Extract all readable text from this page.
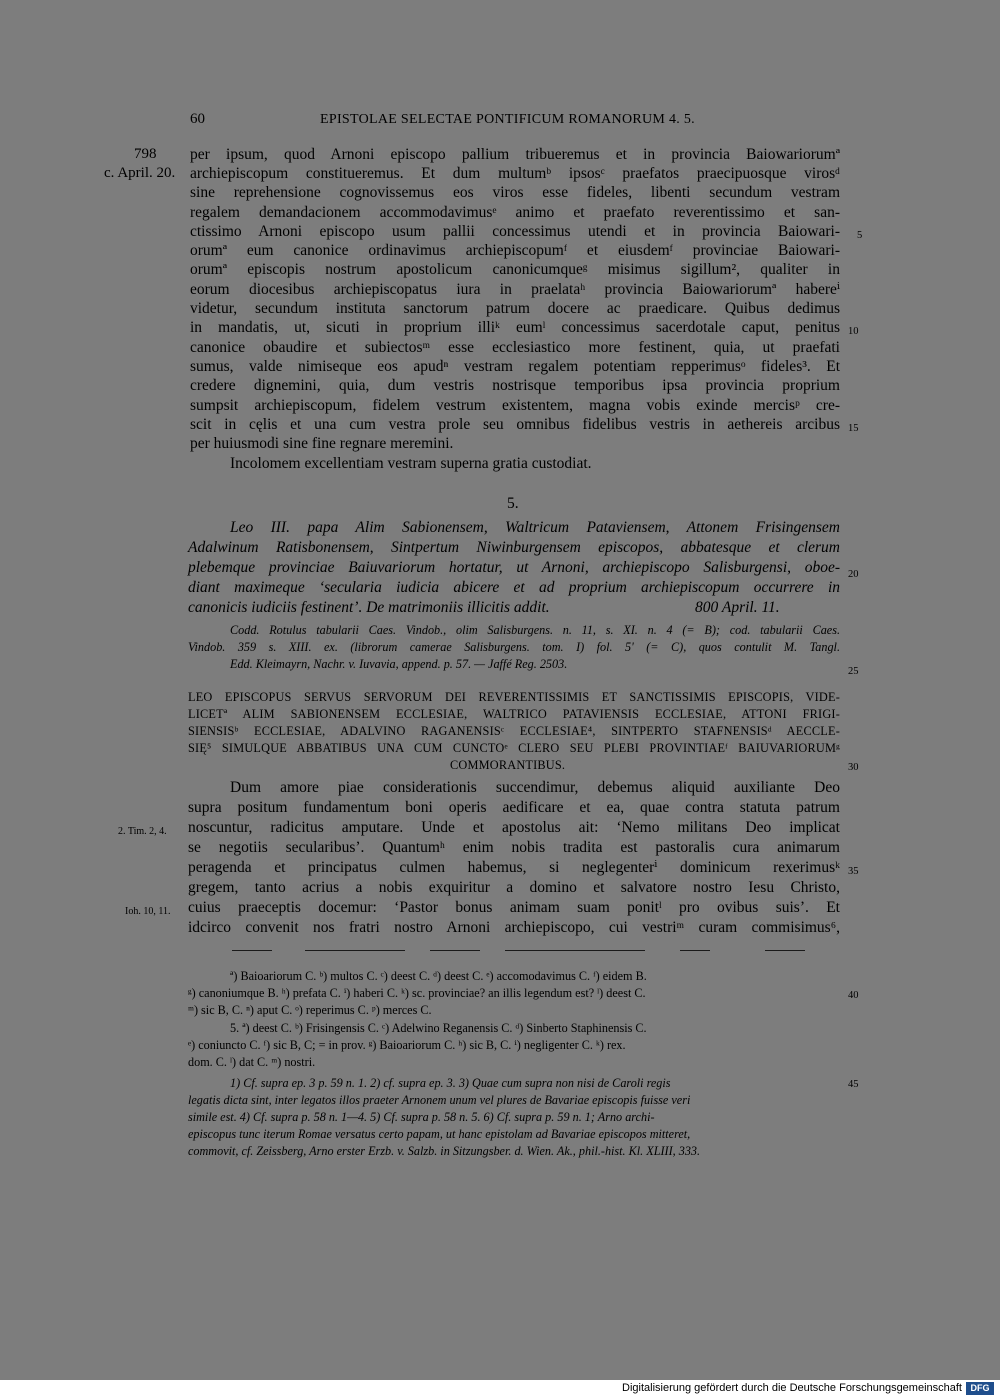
60	EPISTOLAE SELECTAE PONTIFICUM ROMANORUM 4. 5.
798
c. April. 20.
per ipsum, quod Arnoni episcopo pallium tribueremus et in provincia Baiowariorumª
archiepiscopum constitueremus. Et dum multumᵇ ipsosᶜ praefatos praecipuosque virosᵈ
sine reprehensione cognovissemus eos viros esse fideles, libenti secundum vestram
regalem demandacionem accommodavimusᵉ animo et praefato reverentissimo et san-
ctissimo Arnoni episcopo usum pallii concessimus utendi et in provincia Baiowari-
orumª eum canonice ordinavimus archiepiscopumᶠ et eiusdemᶠ provinciae Baiowari-
orumª episcopis nostrum apostolicum canonicumqueᵍ misimus sigillum², qualiter in
eorum diocesibus archiepiscopatus iura in praelataʰ provincia Baiowariorumª habereⁱ
videtur, secundum instituta sanctorum patrum docere ac praedicare. Quibus dedimus
in mandatis, ut, sicuti in proprium illiᵏ eumˡ concessimus sacerdotale caput, penitus
canonice obaudire et subiectosᵐ esse ecclesiastico more festinent, quia, ut praefati
sumus, valde nimiseque eos apudⁿ vestram regalem potentiam repperimusᵒ fideles³. Et
credere dignemini, quia, dum vestris nostrisque temporibus ipsa provincia proprium
sumpsit archiepiscopum, fidelem vestrum existentem, magna vobis exinde mercisᵖ cre-
scit in cęlis et una cum vestra prole seu omnibus fidelibus vestris in aethereis arcibus
per huiusmodi sine fine regnare meremini.
Incolomem excellentiam vestram superna gratia custodiat.
5
10
15
20
25
30
35
40
45
5.
Leo III. papa Alim Sabionensem, Waltricum Pataviensem, Attonem Frisingensem
Adalwinum Ratisbonensem, Sintpertum Niwinburgensem episcopos, abbatesque et clerum
plebemque provinciae Baiuvariorum hortatur, ut Arnoni, archiepiscopo Salisburgensi, oboe-
diant maximeque ‘secularia iudicia abicere et ad proprium archiepiscopum occurrere in
canonicis iudiciis festinent’. De matrimoniis illicitis addit.	800 April. 11.
Codd. Rotulus tabularii Caes. Vindob., olim Salisburgens. n. 11, s. XI. n. 4 (= B); cod. tabularii Caes.
Vindob. 359 s. XIII. ex. (librorum camerae Salisburgens. tom. I) fol. 5ʹ (= C), quos contulit M. Tangl.
Edd. Kleimayrn, Nachr. v. Iuvavia, append. p. 57. — Jaffé Reg. 2503.
LEO EPISCOPUS SERVUS SERVORUM DEI REVERENTISSIMIS ET SANCTISSIMIS EPISCOPIS, VIDE-
LICETª ALIM SABIONENSEM ECCLESIAE, WALTRICO PATAVIENSIS ECCLESIAE, ATTONI FRIGI-
SIENSISᵇ ECCLESIAE, ADALVINO RAGANENSISᶜ ECCLESIAE⁴, SINTPERTO STAFNENSISᵈ AECCLE-
SIĘ⁵ SIMULQUE ABBATIBUS UNA CUM CUNCTOᵉ CLERO SEU PLEBI PROVINTIAEᶠ BAIUVARIORUMᵍ
COMMORANTIBUS.
Dum amore piae considerationis succendimur, debemus aliquid auxiliante Deo
supra positum fundamentum boni operis aedificare et ea, quae contra statuta patrum
noscuntur, radicitus amputare. Unde et apostolus ait: ‘Nemo militans Deo implicat
se negotiis secularibus’. Quantumʰ enim nobis tradita est pastoralis cura animarum
peragenda et principatus culmen habemus, si neglegenterⁱ dominicum rexerimusᵏ
gregem, tanto acrius a nobis exquiritur a domino et salvatore nostro Iesu Christo,
cuius praeceptis docemur: ‘Pastor bonus animam suam ponitˡ pro ovibus suis’. Et
idcirco convenit nos fratri nostro Arnoni archiepiscopo, cui vestriᵐ curam commisimus⁶,
2. Tim. 2, 4.
Ioh. 10, 11.
ª) Baioariorum C. ᵇ) multos C. ᶜ) deest C. ᵈ) deest C. ᵉ) accomodavimus C. ᶠ) eidem B.
ᵍ) canoniumque B. ʰ) prefata C. ⁱ) haberi C. ᵏ) sc. provinciae? an illis legendum est? ˡ) deest C.
ᵐ) sic B, C. ⁿ) aput C. ᵒ) reperimus C. ᵖ) merces C.
5. ª) deest C. ᵇ) Frisingensis C. ᶜ) Adelwino Reganensis C. ᵈ) Sinberto Staphinensis C.
ᵉ) coniuncto C. ᶠ) sic B, C; = in prov. ᵍ) Baioariorum C. ʰ) sic B, C. ⁱ) negligenter C. ᵏ) rex.
dom. C. ˡ) dat C. ᵐ) nostri.
1) Cf. supra ep. 3 p. 59 n. 1. 2) cf. supra ep. 3. 3) Quae cum supra non nisi de Caroli regis
legatis dicta sint, inter legatos illos praeter Arnonem unum vel plures de Bavariae episcopis fuisse veri
simile est. 4) Cf. supra p. 58 n. 1—4. 5) Cf. supra p. 58 n. 5. 6) Cf. supra p. 59 n. 1; Arno archi-
episcopus tunc iterum Romae versatus certo papam, ut hanc epistolam ad Bavariae episcopos mitteret,
commovit, cf. Zeissberg, Arno erster Erzb. v. Salzb. in Sitzungsber. d. Wien. Ak., phil.-hist. Kl. XLIII, 333.
Digitalisierung gefördert durch die Deutsche Forschungsgemeinschaft DFG
